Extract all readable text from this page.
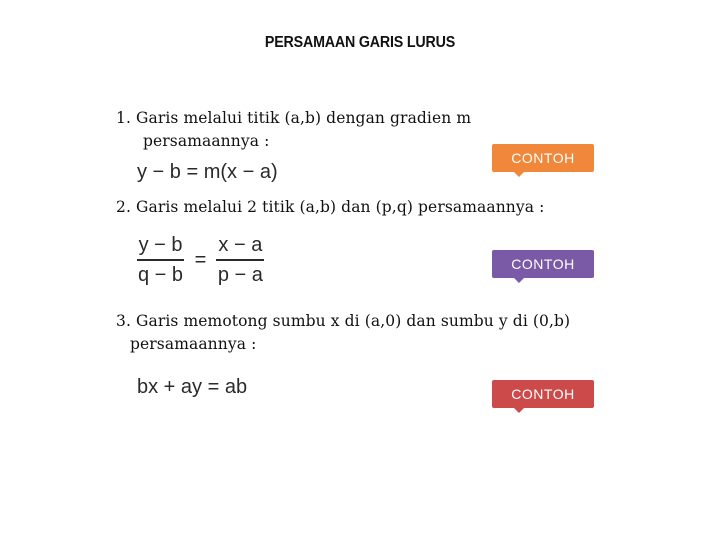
PERSAMAAN GARIS LURUS
1. Garis melalui titik (a,b) dengan gradien m
persamaannya :
y − b = m(x − a)
CONTOH
2. Garis melalui 2 titik (a,b) dan (p,q) persamaannya :
$\frac{y - b}{q - b} = \frac{x - a}{p - a}$	CONTOH
3. Garis memotong sumbu x di (a,0) dan sumbu y di (0,b)
persamaannya :
bx + ay = ab	CONTOH
